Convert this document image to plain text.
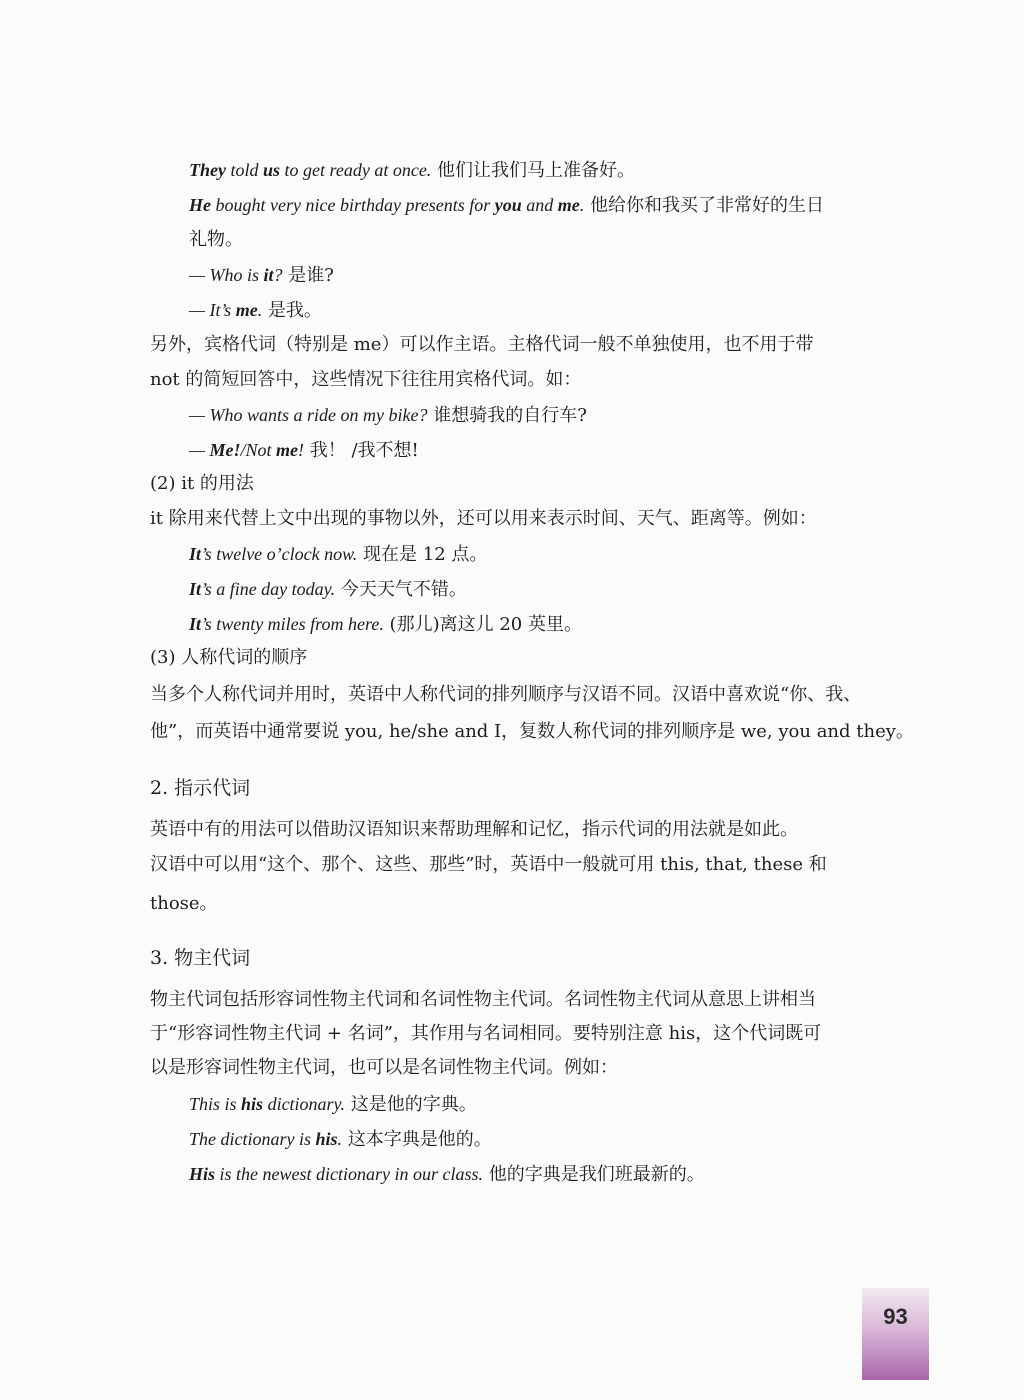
They told us to get ready at once. 他们让我们马上准备好。
He bought very nice birthday presents for you and me. 他给你和我买了非常好的生日
礼物。
— Who is it? 是谁?
— It’s me. 是我。
另外，宾格代词（特别是 me）可以作主语。主格代词一般不单独使用，也不用于带
not 的简短回答中，这些情况下往往用宾格代词。如：
— Who wants a ride on my bike? 谁想骑我的自行车?
— Me!/Not me! 我！ /我不想!
(2) it 的用法
it 除用来代替上文中出现的事物以外，还可以用来表示时间、天气、距离等。例如：
It’s twelve o’clock now. 现在是 12 点。
It’s a fine day today. 今天天气不错。
It’s twenty miles from here. (那儿)离这儿 20 英里。
(3) 人称代词的顺序
当多个人称代词并用时，英语中人称代词的排列顺序与汉语不同。汉语中喜欢说“你、我、
他”，而英语中通常要说 you, he/she and I，复数人称代词的排列顺序是 we, you and they。
2. 指示代词
英语中有的用法可以借助汉语知识来帮助理解和记忆，指示代词的用法就是如此。
汉语中可以用“这个、那个、这些、那些”时，英语中一般就可用 this, that, these 和
those。
3. 物主代词
物主代词包括形容词性物主代词和名词性物主代词。名词性物主代词从意思上讲相当
于“形容词性物主代词 + 名词”，其作用与名词相同。要特别注意 his，这个代词既可
以是形容词性物主代词，也可以是名词性物主代词。例如：
This is his dictionary. 这是他的字典。
The dictionary is his. 这本字典是他的。
His is the newest dictionary in our class. 他的字典是我们班最新的。
93
